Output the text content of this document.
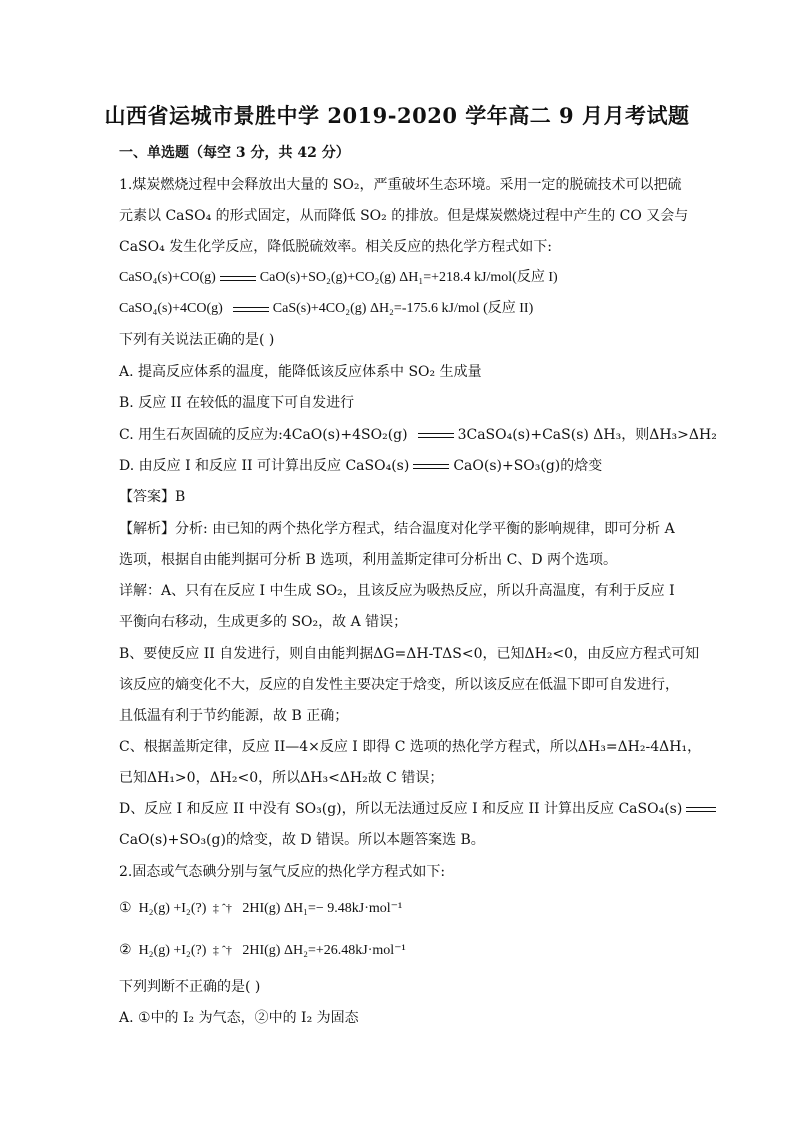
山西省运城市景胜中学 2019-2020 学年高二 9 月月考试题
一、单选题（每空 3 分，共 42 分）
1.煤炭燃烧过程中会释放出大量的 SO₂，严重破坏生态环境。采用一定的脱硫技术可以把硫
元素以 CaSO₄ 的形式固定，从而降低 SO₂ 的排放。但是煤炭燃烧过程中产生的 CO 又会与
CaSO₄ 发生化学反应，降低脱硫效率。相关反应的热化学方程式如下:
CaSO₄(s)+CO(g)	CaO(s)+SO₂(g)+CO₂(g) ΔH₁=+218.4 kJ/mol(反应 I)
CaSO₄(s)+4CO(g)	CaS(s)+4CO₂(g) ΔH₂=-175.6 kJ/mol (反应 II)
下列有关说法正确的是( )
A. 提高反应体系的温度，能降低该反应体系中 SO₂ 生成量
B. 反应 II 在较低的温度下可自发进行
C. 用生石灰固硫的反应为:4CaO(s)+4SO₂(g)	3CaSO₄(s)+CaS(s) ΔH₃，则ΔH₃>ΔH₂
D. 由反应 I 和反应 II 可计算出反应 CaSO₄(s)	CaO(s)+SO₃(g)的焓变
【答案】B
【解析】分析: 由已知的两个热化学方程式，结合温度对化学平衡的影响规律，即可分析 A
选项，根据自由能判据可分析 B 选项，利用盖斯定律可分析出 C、D 两个选项。
详解：A、只有在反应 I 中生成 SO₂，且该反应为吸热反应，所以升高温度，有利于反应 I
平衡向右移动，生成更多的 SO₂，故 A 错误；
B、要使反应 II 自发进行，则自由能判据ΔG=ΔH-TΔS<0，已知ΔH₂<0，由反应方程式可知
该反应的熵变化不大，反应的自发性主要决定于焓变，所以该反应在低温下即可自发进行，
且低温有利于节约能源，故 B 正确；
C、根据盖斯定律，反应 II—4×反应 I 即得 C 选项的热化学方程式，所以ΔH₃=ΔH₂-4ΔH₁，
已知ΔH₁>0，ΔH₂<0，所以ΔH₃<ΔH₂故 C 错误；
D、反应 I 和反应 II 中没有 SO₃(g)，所以无法通过反应 I 和反应 II 计算出反应 CaSO₄(s)
CaO(s)+SO₃(g)的焓变，故 D 错误。所以本题答案选 B。
2.固态或气态碘分别与氢气反应的热化学方程式如下:
① H₂(g) +I₂(?) ‡ ˆ† 2HI(g) ΔH₁=− 9.48kJ·mol⁻¹
② H₂(g) +I₂(?) ‡ ˆ† 2HI(g) ΔH₂=+26.48kJ·mol⁻¹
下列判断不正确的是( )
A. ①中的 I₂ 为气态，②中的 I₂ 为固态
